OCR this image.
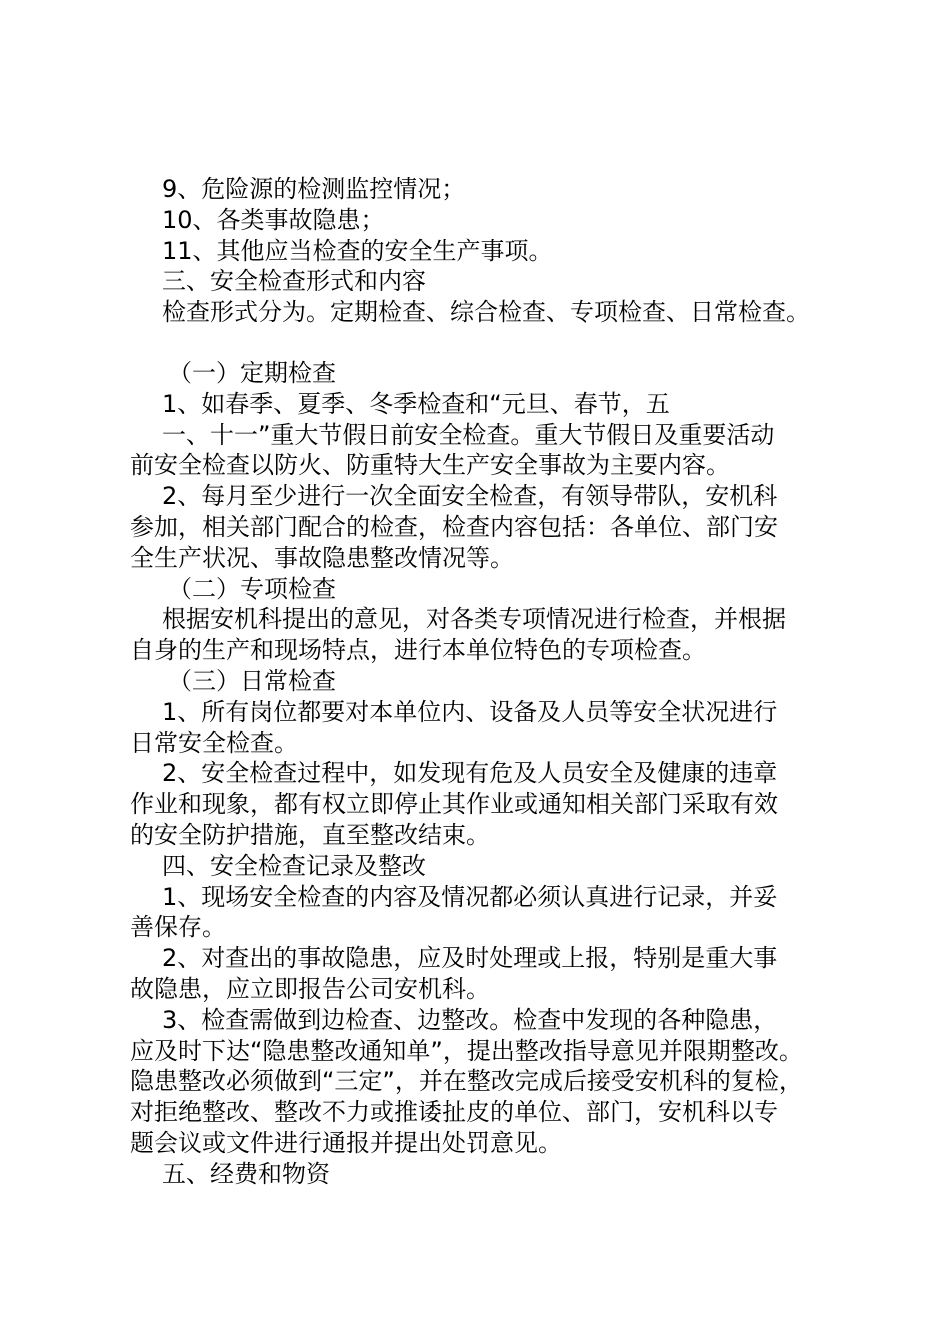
9、危险源的检测监控情况；
10、各类事故隐患；
11、其他应当检查的安全生产事项。
三、安全检查形式和内容
检查形式分为。定期检查、综合检查、专项检查、日常检查。
（一）定期检查
1、如春季、夏季、冬季检查和“元旦、春节，五
一、十一”重大节假日前安全检查。重大节假日及重要活动
前安全检查以防火、防重特大生产安全事故为主要内容。
2、每月至少进行一次全面安全检查，有领导带队，安机科
参加，相关部门配合的检查，检查内容包括：各单位、部门安
全生产状况、事故隐患整改情况等。
（二）专项检查
根据安机科提出的意见，对各类专项情况进行检查，并根据
自身的生产和现场特点，进行本单位特色的专项检查。
（三）日常检查
1、所有岗位都要对本单位内、设备及人员等安全状况进行
日常安全检查。
2、安全检查过程中，如发现有危及人员安全及健康的违章
作业和现象，都有权立即停止其作业或通知相关部门采取有效
的安全防护措施，直至整改结束。
四、安全检查记录及整改
1、现场安全检查的内容及情况都必须认真进行记录，并妥
善保存。
2、对查出的事故隐患，应及时处理或上报，特别是重大事
故隐患，应立即报告公司安机科。
3、检查需做到边检查、边整改。检查中发现的各种隐患，
应及时下达“隐患整改通知单”，提出整改指导意见并限期整改。
隐患整改必须做到“三定”，并在整改完成后接受安机科的复检，
对拒绝整改、整改不力或推诿扯皮的单位、部门，安机科以专
题会议或文件进行通报并提出处罚意见。
五、经费和物资
